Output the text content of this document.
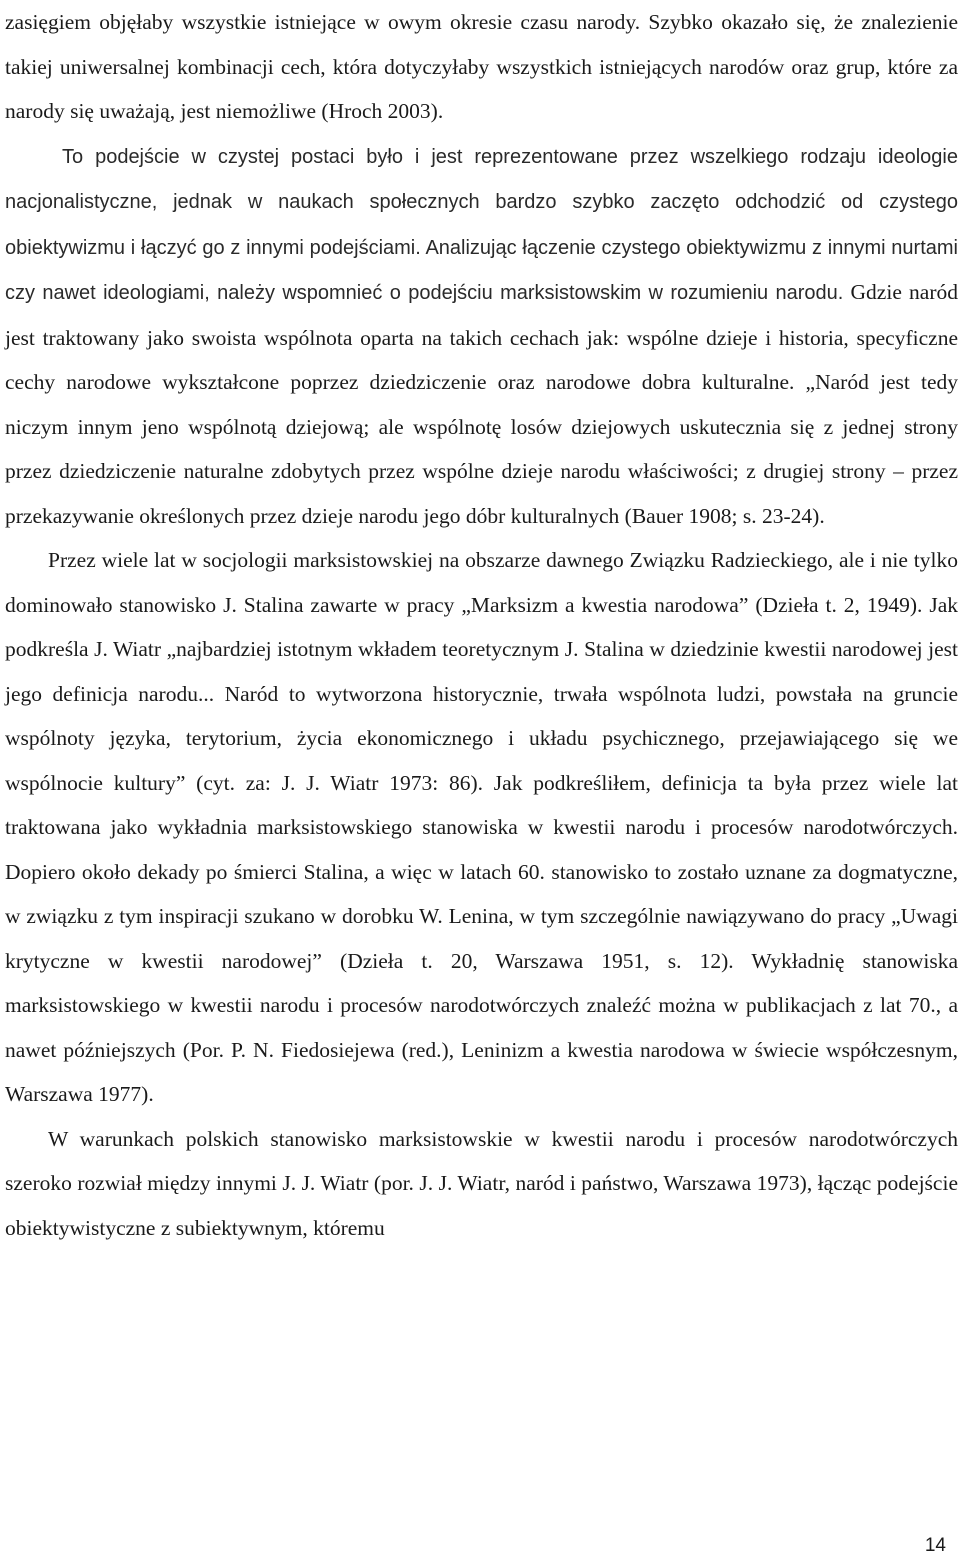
zasięgiem objęłaby wszystkie istniejące w owym okresie czasu narody. Szybko okazało się, że znalezienie takiej uniwersalnej kombinacji cech, która dotyczyłaby wszystkich istniejących narodów oraz grup, które za narody się uważają, jest niemożliwe (Hroch 2003).

To podejście w czystej postaci było i jest reprezentowane przez wszelkiego rodzaju ideologie nacjonalistyczne, jednak w naukach społecznych bardzo szybko zaczęto odchodzić od czystego obiektywizmu i łączyć go z innymi podejściami. Analizując łączenie czystego obiektywizmu z innymi nurtami czy nawet ideologiami, należy wspomnieć o podejściu marksistowskim w rozumieniu narodu. Gdzie naród jest traktowany jako swoista wspólnota oparta na takich cechach jak: wspólne dzieje i historia, specyficzne cechy narodowe wykształcone poprzez dziedziczenie oraz narodowe dobra kulturalne. „Naród jest tedy niczym innym jeno wspólnotą dziejową; ale wspólnotę losów dziejowych uskutecznia się z jednej strony przez dziedziczenie naturalne zdobytych przez wspólne dzieje narodu właściwości; z drugiej strony – przez przekazywanie określonych przez dzieje narodu jego dóbr kulturalnych (Bauer 1908; s. 23-24).

Przez wiele lat w socjologii marksistowskiej na obszarze dawnego Związku Radzieckiego, ale i nie tylko dominowało stanowisko J. Stalina zawarte w pracy „Marksizm a kwestia narodowa” (Dzieła t. 2, 1949). Jak podkreśla J. Wiatr „najbardziej istotnym wkładem teoretycznym J. Stalina w dziedzinie kwestii narodowej jest jego definicja narodu... Naród to wytworzona historycznie, trwała wspólnota ludzi, powstała na gruncie wspólnoty języka, terytorium, życia ekonomicznego i układu psychicznego, przejawiającego się we wspólnocie kultury” (cyt. za: J. J. Wiatr 1973: 86). Jak podkreśliłem, definicja ta była przez wiele lat traktowana jako wykładnia marksistowskiego stanowiska w kwestii narodu i procesów narodotwórczych. Dopiero około dekady po śmierci Stalina, a więc w latach 60. stanowisko to zostało uznane za dogmatyczne, w związku z tym inspiracji szukano w dorobku W. Lenina, w tym szczególnie nawiązywano do pracy „Uwagi krytyczne w kwestii narodowej” (Dzieła t. 20, Warszawa 1951, s. 12). Wykładnię stanowiska marksistowskiego w kwestii narodu i procesów narodotwórczych znaleźć można w publikacjach z lat 70., a nawet późniejszych (Por. P. N. Fiedosiejewa (red.), Leninizm a kwestia narodowa w świecie współczesnym, Warszawa 1977).

W warunkach polskich stanowisko marksistowskie w kwestii narodu i procesów narodotwórczych szeroko rozwiał między innymi J. J. Wiatr (por. J. J. Wiatr, naród i państwo, Warszawa 1973), łącząc podejście obiektywistyczne z subiektywnym, któremu

14
